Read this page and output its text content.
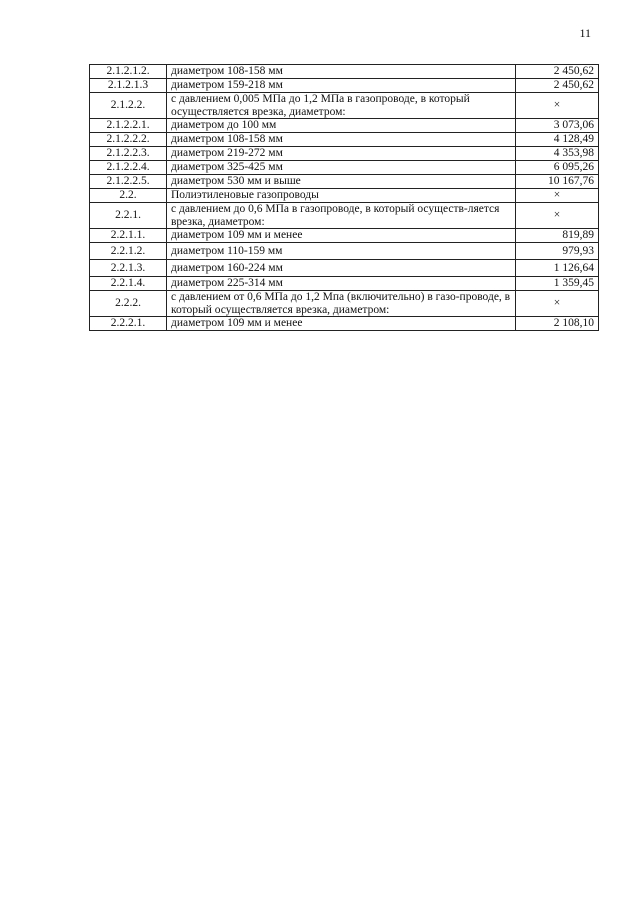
11
2.1.2.1.2.	диаметром 108-158 мм	2 450,62
2.1.2.1.3	диаметром 159-218 мм	2 450,62
2.1.2.2.	с давлением 0,005 МПа до 1,2 МПа в газопроводе, в который осуществляется врезка, диаметром:	×
2.1.2.2.1.	диаметром до 100 мм	3 073,06
2.1.2.2.2.	диаметром 108-158 мм	4 128,49
2.1.2.2.3.	диаметром 219-272 мм	4 353,98
2.1.2.2.4.	диаметром 325-425 мм	6 095,26
2.1.2.2.5.	диаметром 530 мм и выше	10 167,76
2.2.	Полиэтиленовые газопроводы	×
2.2.1.	с давлением до 0,6 МПа в газопроводе, в который осуществ-ляется врезка, диаметром:	×
2.2.1.1.	диаметром 109 мм и менее	819,89
2.2.1.2.	диаметром 110-159 мм	979,93
2.2.1.3.	диаметром 160-224 мм	1 126,64
2.2.1.4.	диаметром 225-314 мм	1 359,45
2.2.2.	с давлением от 0,6 МПа до 1,2 Мпа (включительно) в газо-проводе, в который осуществляется врезка, диаметром:	×
2.2.2.1.	диаметром 109 мм и менее	2 108,10
